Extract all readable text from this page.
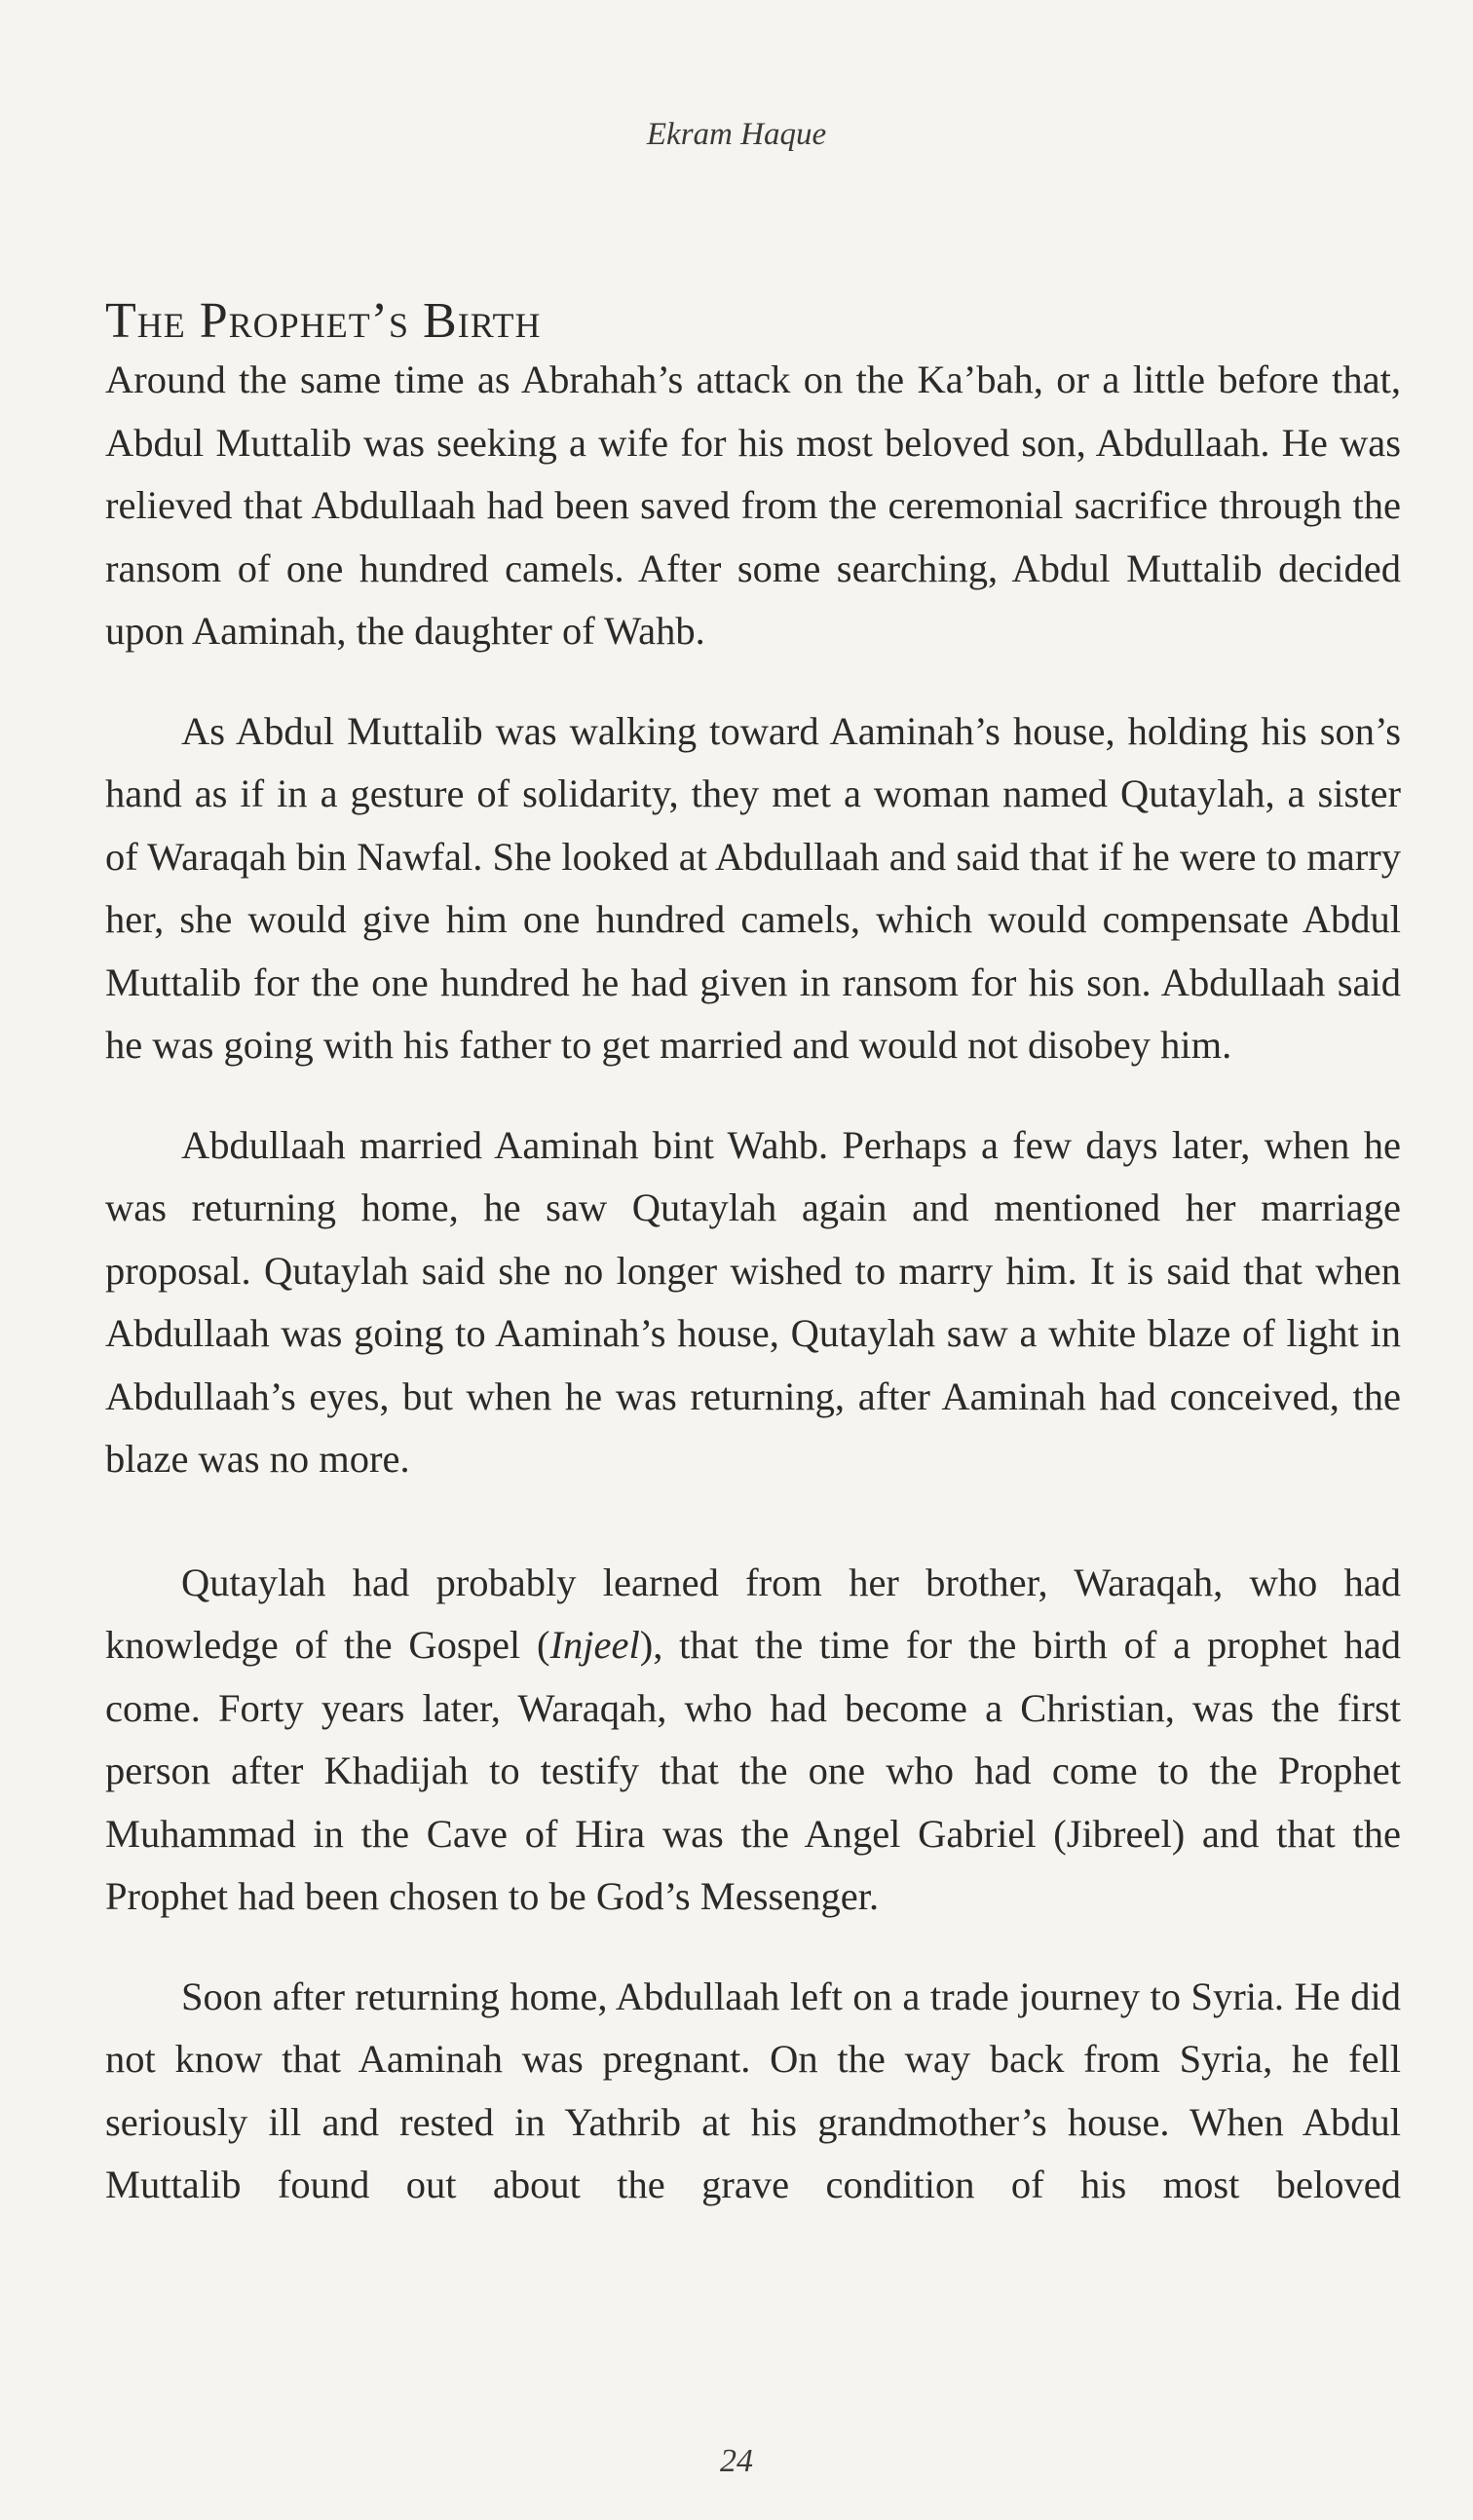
Ekram Haque
The Prophet’s Birth

Around the same time as Abrahah’s attack on the Ka’bah, or a little before that, Abdul Muttalib was seeking a wife for his most beloved son, Abdullaah. He was relieved that Abdullaah had been saved from the ceremonial sacrifice through the ransom of one hundred camels. After some searching, Abdul Muttalib decided upon Aaminah, the daughter of Wahb.

As Abdul Muttalib was walking toward Aaminah’s house, holding his son’s hand as if in a gesture of solidarity, they met a woman named Qutaylah, a sister of Waraqah bin Nawfal. She looked at Abdullaah and said that if he were to marry her, she would give him one hundred camels, which would compensate Abdul Muttalib for the one hundred he had given in ransom for his son. Abdullaah said he was going with his father to get married and would not disobey him.

Abdullaah married Aaminah bint Wahb. Perhaps a few days later, when he was returning home, he saw Qutaylah again and mentioned her marriage proposal. Qutaylah said she no longer wished to marry him. It is said that when Abdullaah was going to Aaminah’s house, Qutaylah saw a white blaze of light in Abdullaah’s eyes, but when he was returning, after Aaminah had conceived, the blaze was no more.

Qutaylah had probably learned from her brother, Waraqah, who had knowledge of the Gospel (Injeel), that the time for the birth of a prophet had come. Forty years later, Waraqah, who had become a Christian, was the first person after Khadijah to testify that the one who had come to the Prophet Muhammad in the Cave of Hira was the Angel Gabriel (Jibreel) and that the Prophet had been chosen to be God’s Messenger.

Soon after returning home, Abdullaah left on a trade journey to Syria. He did not know that Aaminah was pregnant. On the way back from Syria, he fell seriously ill and rested in Yathrib at his grandmother’s house. When Abdul Muttalib found out about the grave condition of his most beloved

24
